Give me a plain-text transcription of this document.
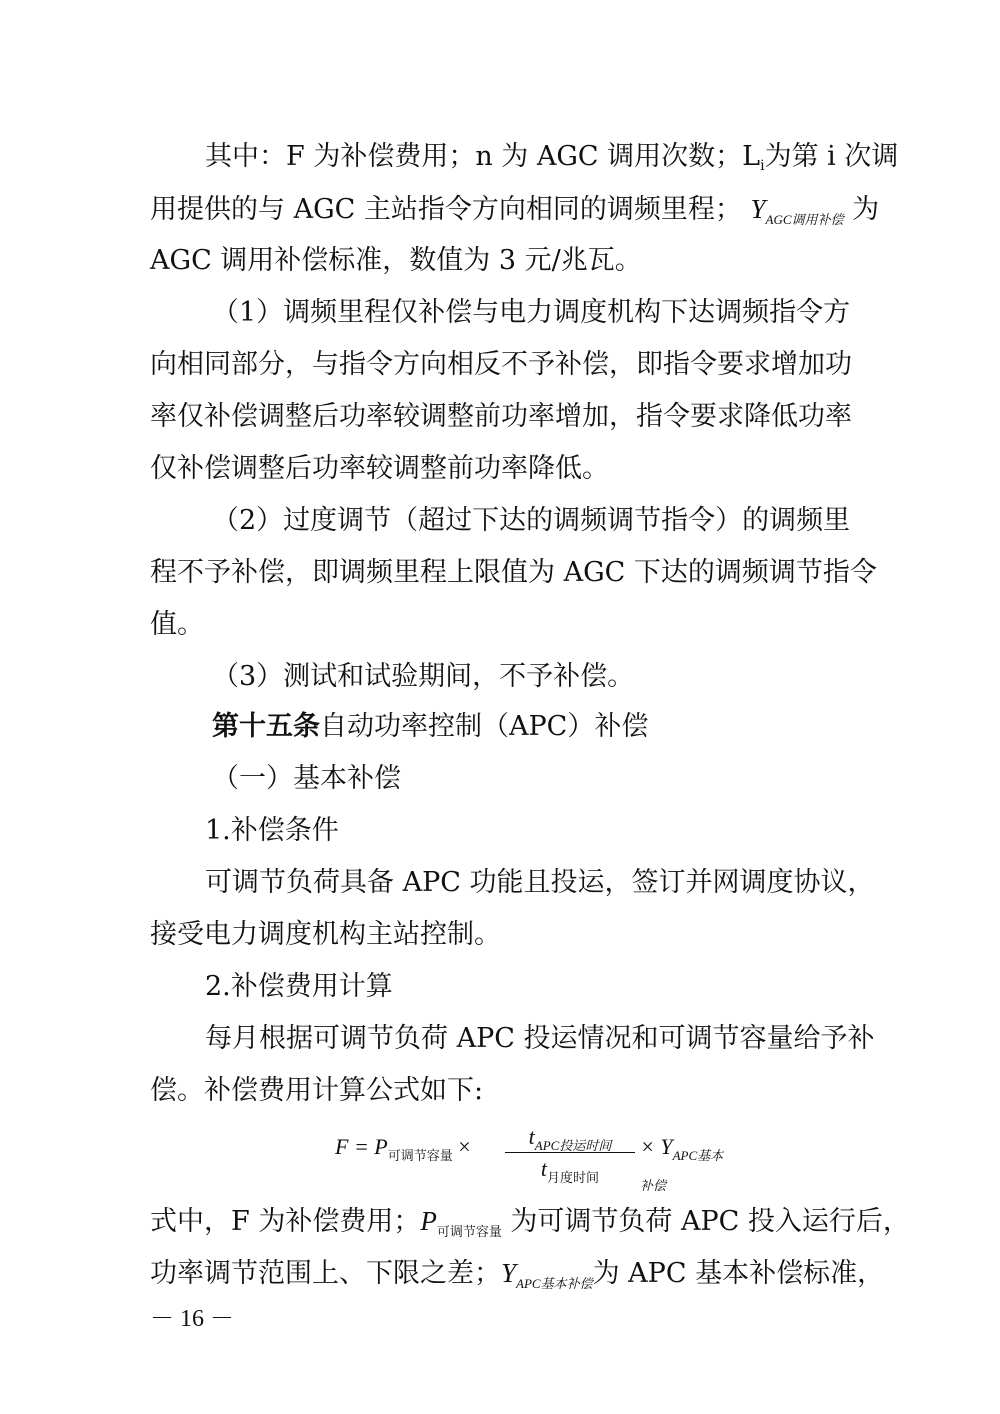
其中：F 为补偿费用；n 为 AGC 调用次数；$L_i$为第 i 次调
用提供的与 AGC 主站指令方向相同的调频里程； $Y_{AGC调用补偿}$ 为
AGC 调用补偿标准，数值为 3 元/兆瓦。
（1）调频里程仅补偿与电力调度机构下达调频指令方
向相同部分，与指令方向相反不予补偿，即指令要求增加功
率仅补偿调整后功率较调整前功率增加，指令要求降低功率
仅补偿调整后功率较调整前功率降低。
（2）过度调节（超过下达的调频调节指令）的调频里
程不予补偿，即调频里程上限值为 AGC 下达的调频调节指令
值。
（3）测试和试验期间，不予补偿。
第十五条自动功率控制（APC）补偿
（一）基本补偿
1.补偿条件
可调节负荷具备 APC 功能且投运，签订并网调度协议，
接受电力调度机构主站控制。
2.补偿费用计算
每月根据可调节负荷 APC 投运情况和可调节容量给予补
偿。补偿费用计算公式如下:
$F = P_{可调节容量}$ ×	$t_{APC投运时间}$
$t_{月度时间}$
× $Y_{APC基本补偿}$
式中，F 为补偿费用；$P_{可调节容量}$ 为可调节负荷 APC 投入运行后，
功率调节范围上、下限之差；$Y_{APC基本补偿}$为 APC 基本补偿标准，
－ 16 －
